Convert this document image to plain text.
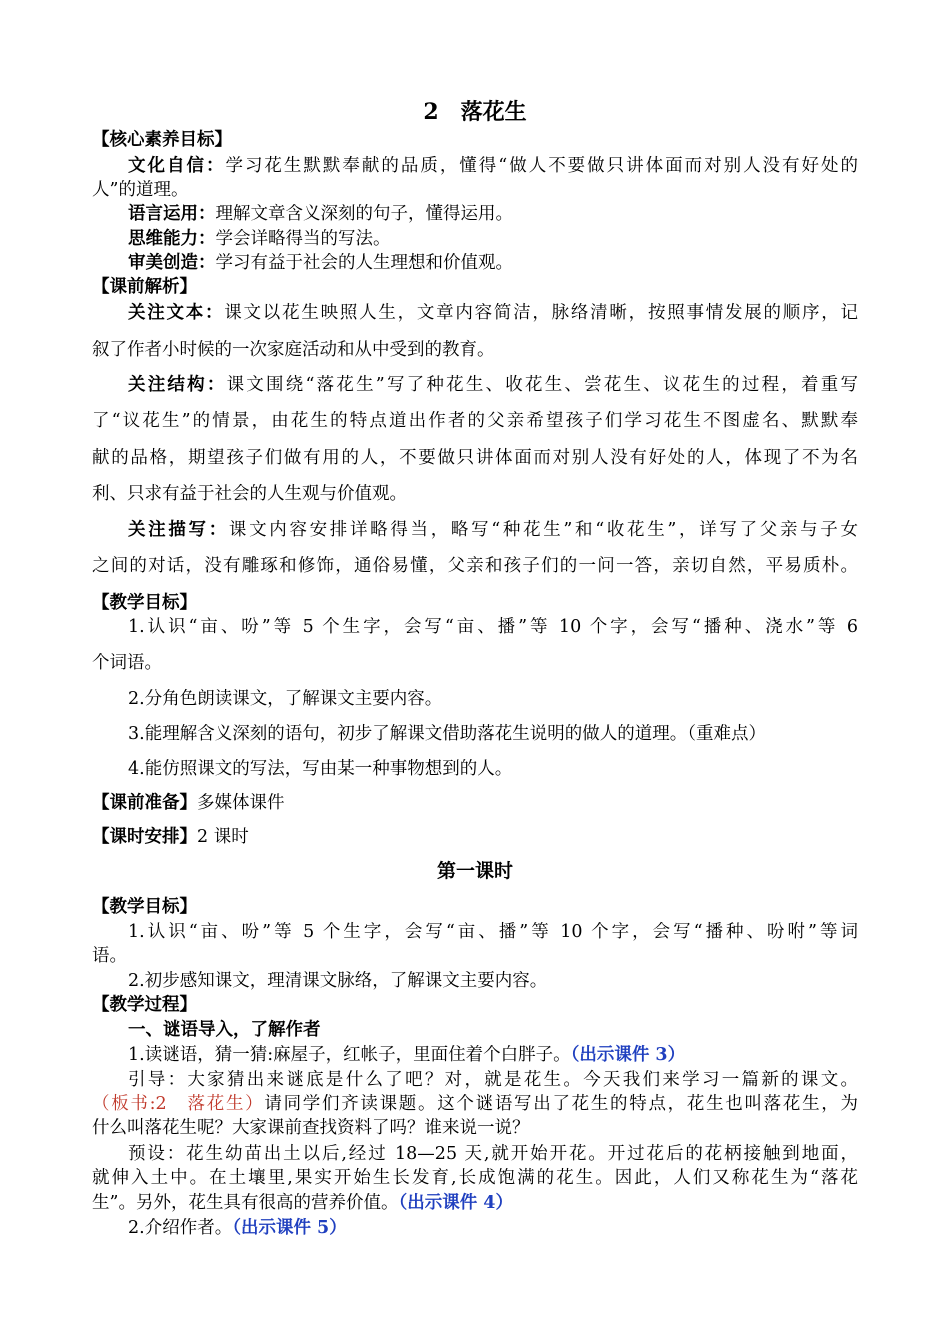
2　落花生
【核心素养目标】
文化自信：学习花生默默奉献的品质，懂得“做人不要做只讲体面而对别人没有好处的
人”的道理。
语言运用：理解文章含义深刻的句子，懂得运用。
思维能力：学会详略得当的写法。
审美创造：学习有益于社会的人生理想和价值观。
【课前解析】
关注文本：课文以花生映照人生，文章内容简洁，脉络清晰，按照事情发展的顺序，记
叙了作者小时候的一次家庭活动和从中受到的教育。
关注结构：课文围绕“落花生”写了种花生、收花生、尝花生、议花生的过程，着重写
了“议花生”的情景，由花生的特点道出作者的父亲希望孩子们学习花生不图虚名、默默奉
献的品格，期望孩子们做有用的人，不要做只讲体面而对别人没有好处的人，体现了不为名
利、只求有益于社会的人生观与价值观。
关注描写：课文内容安排详略得当，略写“种花生”和“收花生”，详写了父亲与子女
之间的对话，没有雕琢和修饰，通俗易懂，父亲和孩子们的一问一答，亲切自然，平易质朴。
【教学目标】
1.认识“亩、吩”等 5 个生字，会写“亩、播”等 10 个字，会写“播种、浇水”等 6
个词语。
2.分角色朗读课文，了解课文主要内容。
3.能理解含义深刻的语句，初步了解课文借助落花生说明的做人的道理。（重难点）
4.能仿照课文的写法，写由某一种事物想到的人。
【课前准备】多媒体课件
【课时安排】2 课时
第一课时
【教学目标】
1.认识“亩、吩”等 5 个生字，会写“亩、播”等 10 个字，会写“播种、吩咐”等词
语。
2.初步感知课文，理清课文脉络，了解课文主要内容。
【教学过程】
一、谜语导入，了解作者
1.读谜语，猜一猜:麻屋子，红帐子，里面住着个白胖子。（出示课件 3）
引导：大家猜出来谜底是什么了吧？对，就是花生。今天我们来学习一篇新的课文。
（板书:2　落花生）请同学们齐读课题。这个谜语写出了花生的特点，花生也叫落花生，为
什么叫落花生呢？大家课前查找资料了吗？谁来说一说？
预设：花生幼苗出土以后,经过 18—25 天,就开始开花。开过花后的花柄接触到地面，
就伸入土中。在土壤里,果实开始生长发育,长成饱满的花生。因此，人们又称花生为“落花
生”。另外，花生具有很高的营养价值。（出示课件 4）
2.介绍作者。（出示课件 5）
